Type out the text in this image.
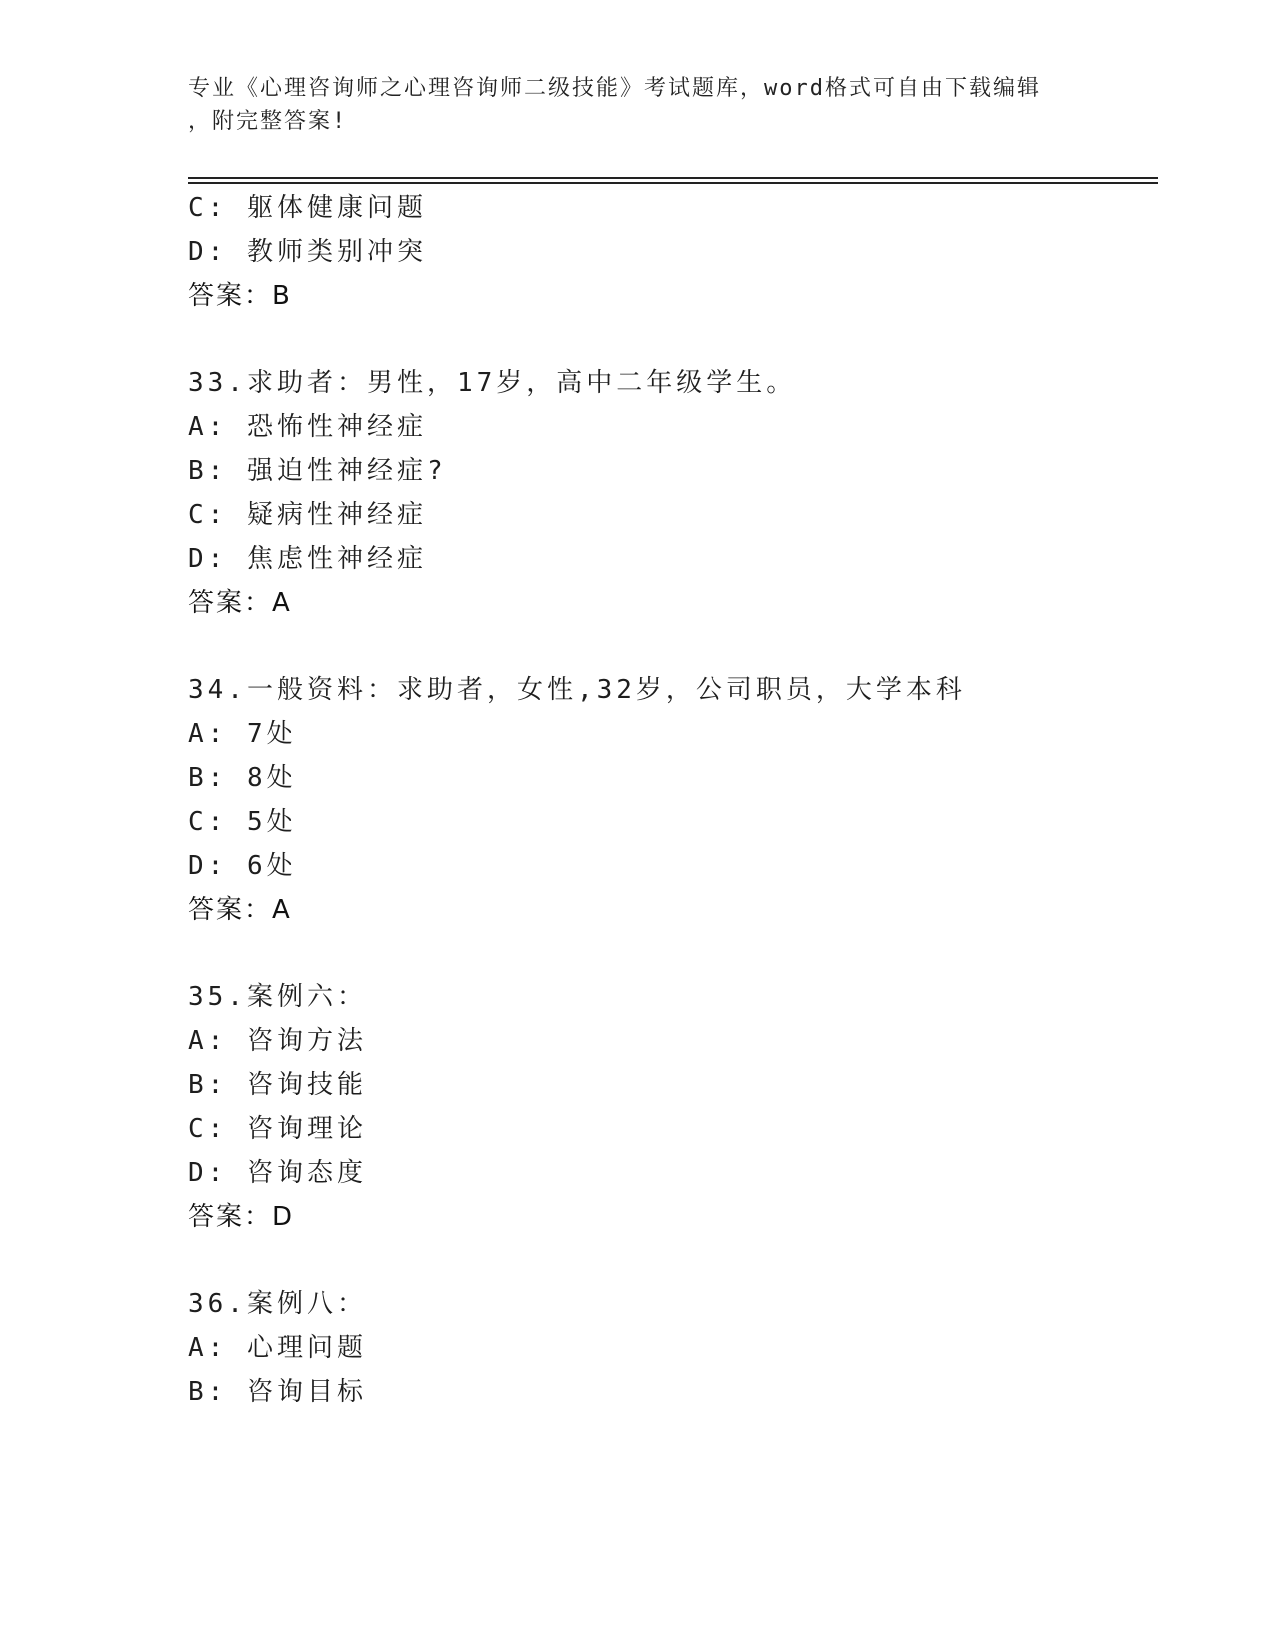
专业《心理咨询师之心理咨询师二级技能》考试题库，word格式可自由下载编辑
，附完整答案!
C: 躯体健康问题
D: 教师类别冲突
答案：B
33.求助者：男性，17岁，高中二年级学生。
A: 恐怖性神经症
B: 强迫性神经症?
C: 疑病性神经症
D: 焦虑性神经症
答案：A
34.一般资料：求助者，女性,32岁，公司职员，大学本科
A: 7处
B: 8处
C: 5处
D: 6处
答案：A
35.案例六：
A: 咨询方法
B: 咨询技能
C: 咨询理论
D: 咨询态度
答案：D
36.案例八：
A: 心理问题
B: 咨询目标
